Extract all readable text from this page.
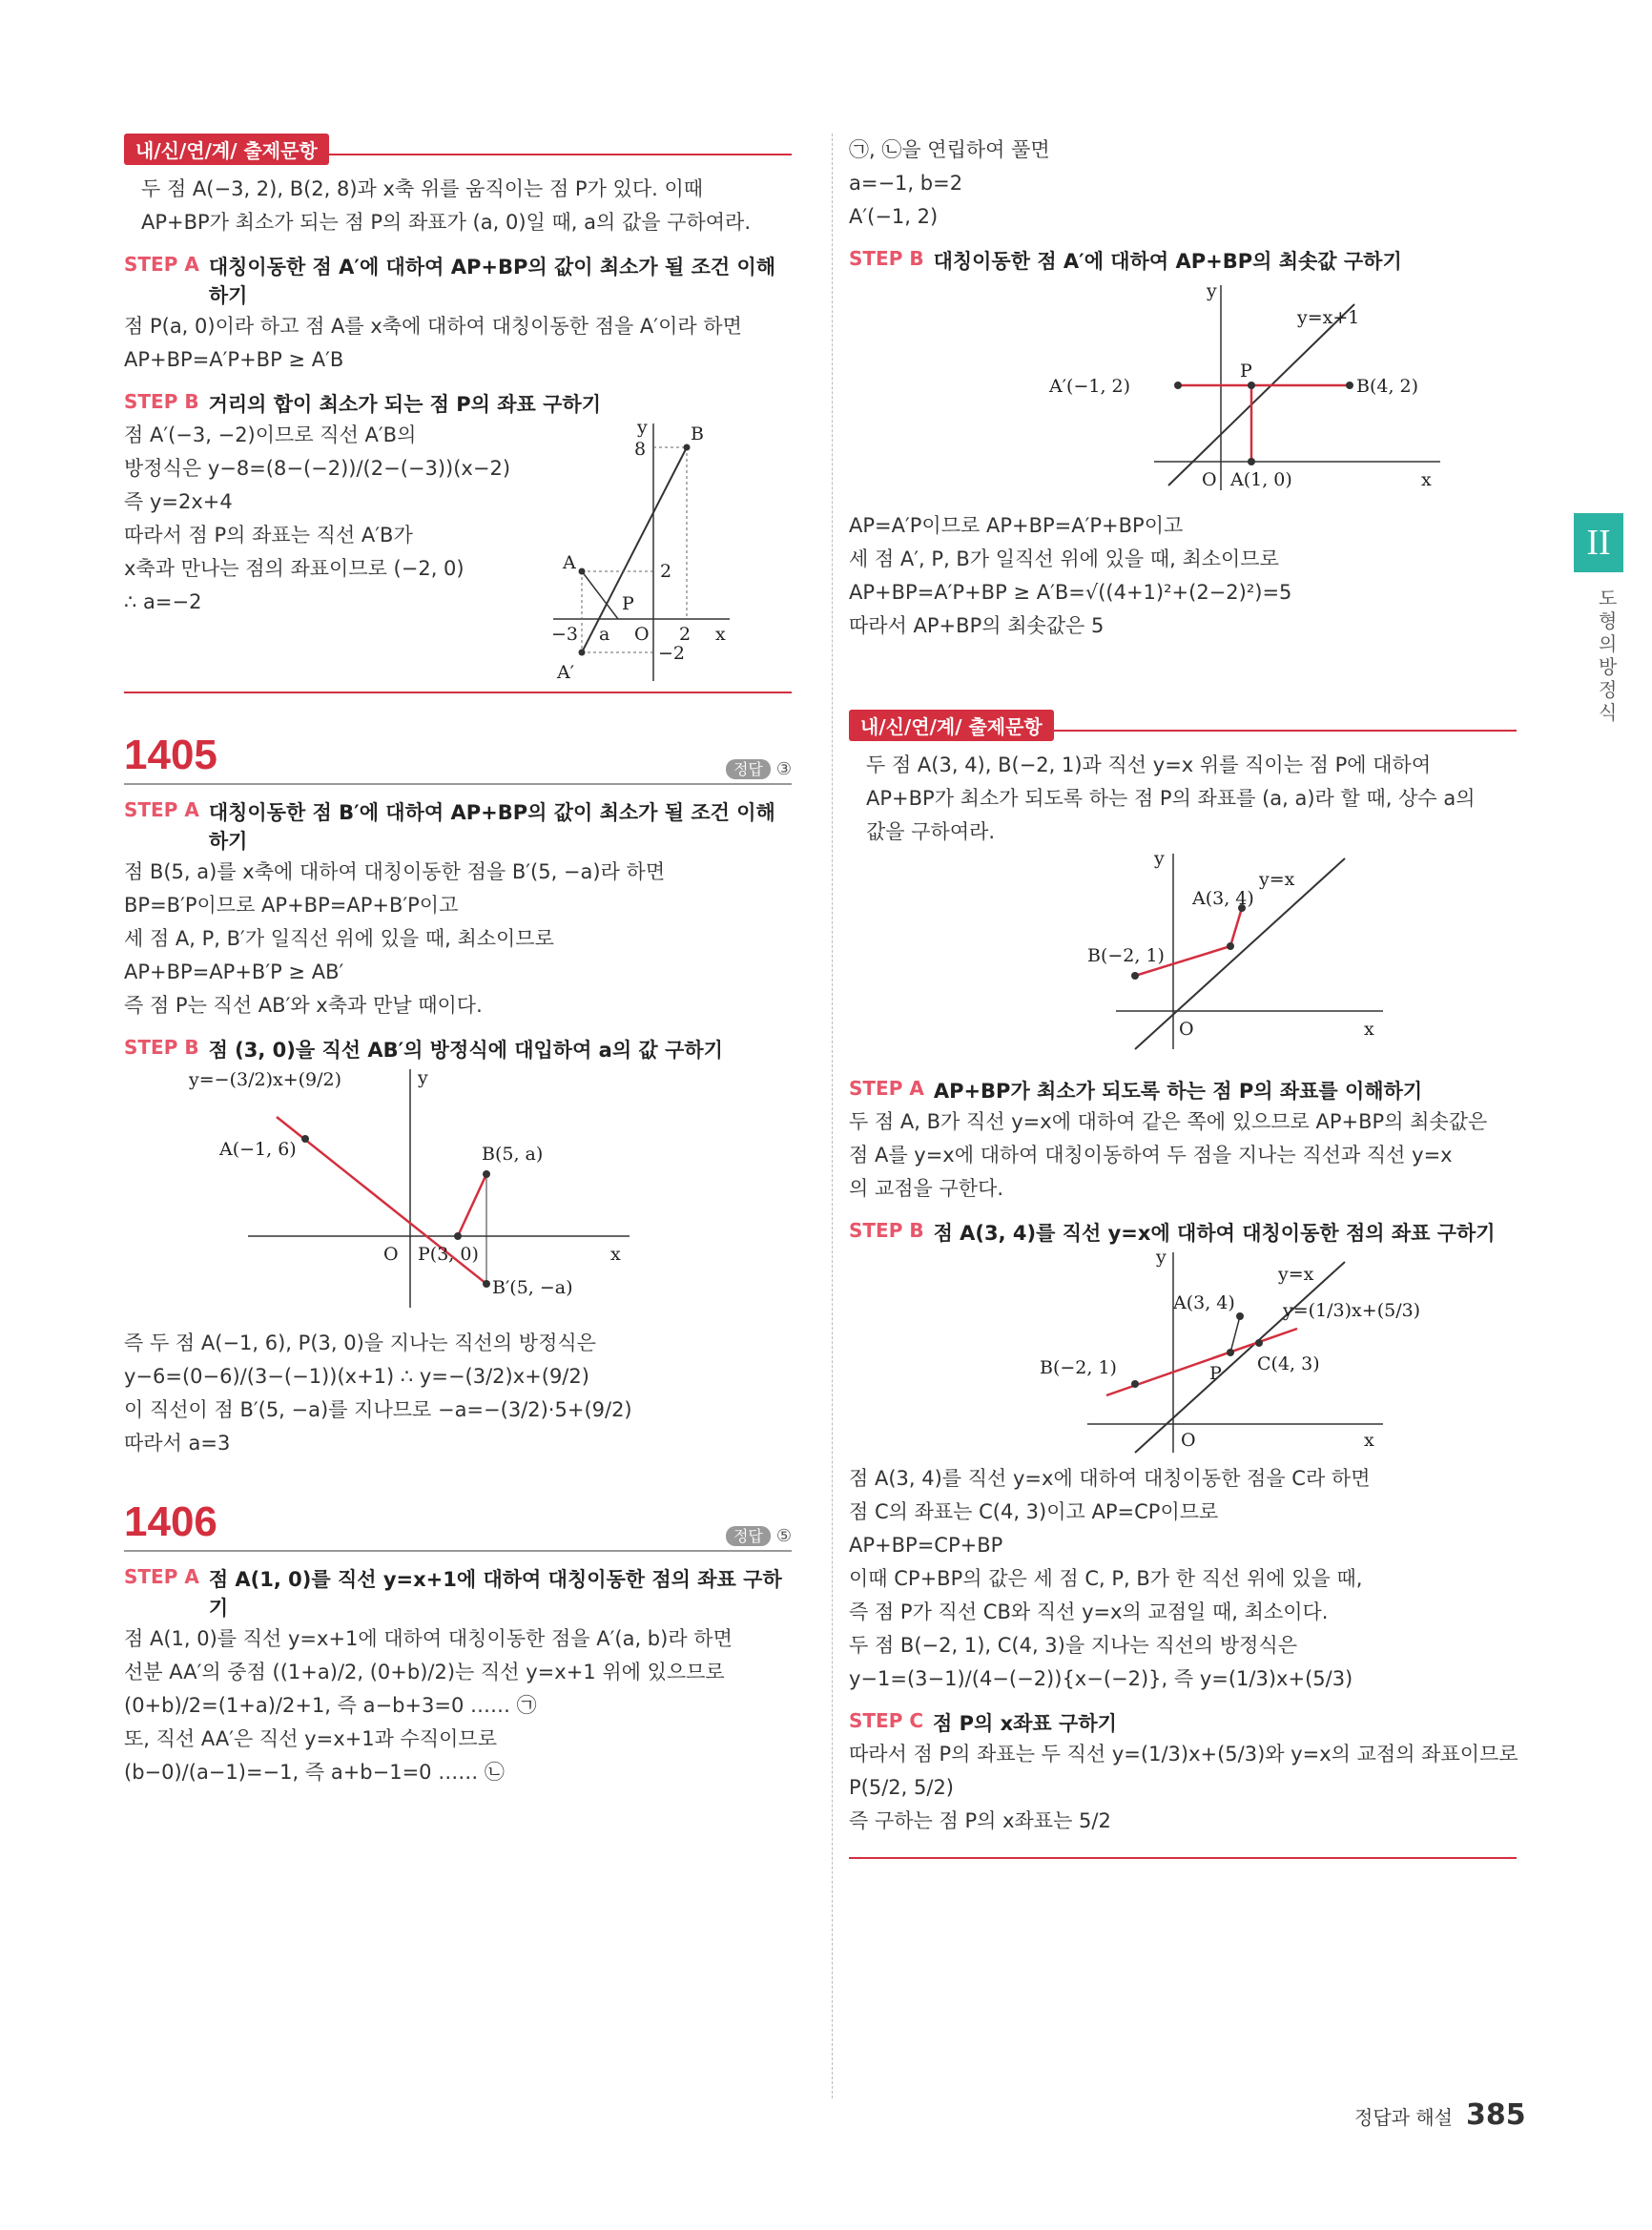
내/신/연/계/ 출제문항
두 점 A(−3, 2), B(2, 8)과 x축 위를 움직이는 점 P가 있다. 이때
AP+BP가 최소가 되는 점 P의 좌표가 (a, 0)일 때, a의 값을 구하여라.
STEP A 대칭이동한 점 A′에 대하여 AP+BP의 값이 최소가 될 조건 이해하기
점 P(a, 0)이라 하고 점 A를 x축에 대하여 대칭이동한 점을 A′이라 하면
AP+BP=A′P+BP ≥ A′B
STEP B 거리의 합이 최소가 되는 점 P의 좌표 구하기
점 A′(−3, −2)이므로 직선 A′B의
방정식은 y−8=(8−(−2))/(2−(−3))(x−2)
즉 y=2x+4
따라서 점 P의 좌표는 직선 A′B가
x축과 만나는 점의 좌표이므로 (−2, 0)
∴ a=−2
y B
8
A
P
2
−3 a O 2 x
−2
A′
1405	정답 ③
STEP A 대칭이동한 점 B′에 대하여 AP+BP의 값이 최소가 될 조건 이해하기
점 B(5, a)를 x축에 대하여 대칭이동한 점을 B′(5, −a)라 하면
BP=B′P이므로 AP+BP=AP+B′P이고
세 점 A, P, B′가 일직선 위에 있을 때, 최소이므로
AP+BP=AP+B′P ≥ AB′
즉 점 P는 직선 AB′와 x축과 만날 때이다.
STEP B 점 (3, 0)을 직선 AB′의 방정식에 대입하여 a의 값 구하기
y=−(3/2)x+(9/2)	y
A(−1, 6)	B(5, a)
O P(3, 0)	x
B′(5, −a)
즉 두 점 A(−1, 6), P(3, 0)을 지나는 직선의 방정식은
y−6=(0−6)/(3−(−1))(x+1) ∴ y=−(3/2)x+(9/2)
이 직선이 점 B′(5, −a)를 지나므로 −a=−(3/2)·5+(9/2)
따라서 a=3
1406	정답 ⑤
STEP A 점 A(1, 0)를 직선 y=x+1에 대하여 대칭이동한 점의 좌표 구하기
점 A(1, 0)를 직선 y=x+1에 대하여 대칭이동한 점을 A′(a, b)라 하면
선분 AA′의 중점 ((1+a)/2, (0+b)/2)는 직선 y=x+1 위에 있으므로
(0+b)/2=(1+a)/2+1, 즉 a−b+3=0 …… ㉠
또, 직선 AA′은 직선 y=x+1과 수직이므로
(b−0)/(a−1)=−1, 즉 a+b−1=0 …… ㉡
㉠, ㉡을 연립하여 풀면
a=−1, b=2
A′(−1, 2)
STEP B 대칭이동한 점 A′에 대하여 AP+BP의 최솟값 구하기
y
y=x+1
A′(−1, 2)
P
B(4, 2)
O A(1, 0)	x
AP=A′P이므로 AP+BP=A′P+BP이고
세 점 A′, P, B가 일직선 위에 있을 때, 최소이므로
AP+BP=A′P+BP ≥ A′B=√((4+1)²+(2−2)²)=5
따라서 AP+BP의 최솟값은 5
내/신/연/계/ 출제문항
두 점 A(3, 4), B(−2, 1)과 직선 y=x 위를 직이는 점 P에 대하여
AP+BP가 최소가 되도록 하는 점 P의 좌표를 (a, a)라 할 때, 상수 a의
값을 구하여라.
y
y=x
A(3, 4)
B(−2, 1)
O	x
STEP A AP+BP가 최소가 되도록 하는 점 P의 좌표를 이해하기
두 점 A, B가 직선 y=x에 대하여 같은 쪽에 있으므로 AP+BP의 최솟값은
점 A를 y=x에 대하여 대칭이동하여 두 점을 지나는 직선과 직선 y=x
의 교점을 구한다.
STEP B 점 A(3, 4)를 직선 y=x에 대하여 대칭이동한 점의 좌표 구하기
y
y=x
A(3, 4)	y=(1/3)x+(5/3)
B(−2, 1)	P C(4, 3)
O	x
점 A(3, 4)를 직선 y=x에 대하여 대칭이동한 점을 C라 하면
점 C의 좌표는 C(4, 3)이고 AP=CP이므로
AP+BP=CP+BP
이때 CP+BP의 값은 세 점 C, P, B가 한 직선 위에 있을 때,
즉 점 P가 직선 CB와 직선 y=x의 교점일 때, 최소이다.
두 점 B(−2, 1), C(4, 3)을 지나는 직선의 방정식은
y−1=(3−1)/(4−(−2)){x−(−2)}, 즉 y=(1/3)x+(5/3)
STEP C 점 P의 x좌표 구하기
따라서 점 P의 좌표는 두 직선 y=(1/3)x+(5/3)와 y=x의 교점의 좌표이므로
P(5/2, 5/2)
즉 구하는 점 P의 x좌표는 5/2
II
도형의 방정식
정답과 해설 385
